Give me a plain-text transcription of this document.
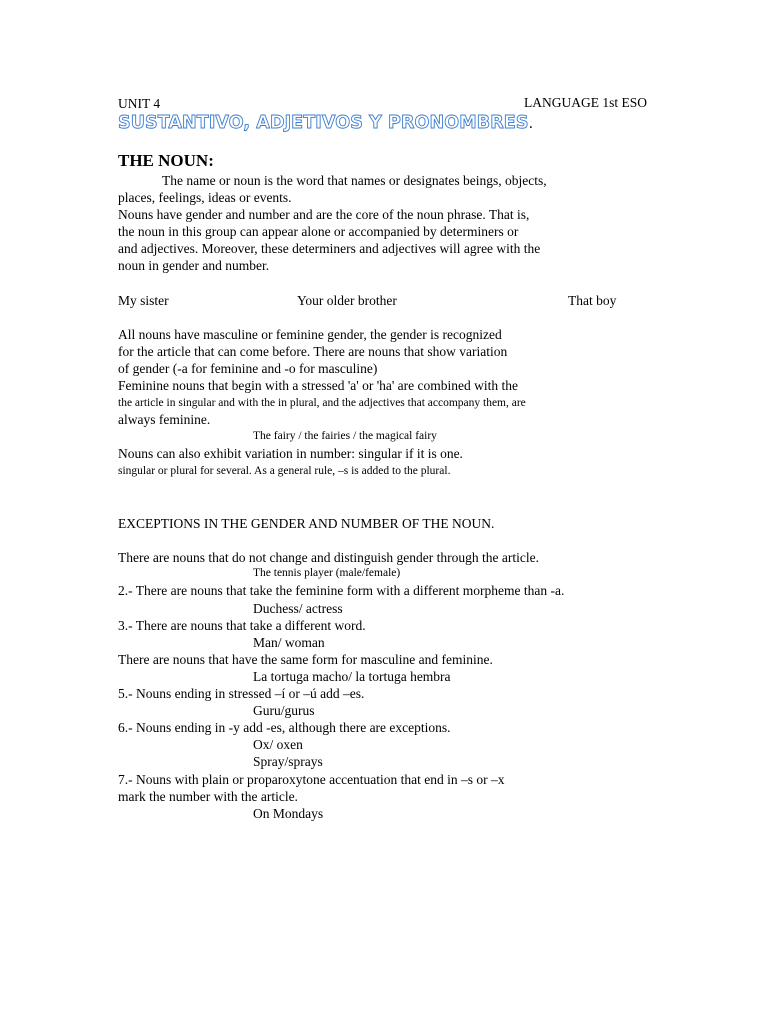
UNIT 4	LANGUAGE 1st ESO
SUSTANTIVO, ADJETIVOS Y PRONOMBRES.
THE NOUN:
The name or noun is the word that names or designates beings, objects,
places, feelings, ideas or events.
Nouns have gender and number and are the core of the noun phrase. That is,
the noun in this group can appear alone or accompanied by determiners or
and adjectives. Moreover, these determiners and adjectives will agree with the
noun in gender and number.
My sister	Your older brother	That boy
All nouns have masculine or feminine gender, the gender is recognized
for the article that can come before. There are nouns that show variation
of gender (-a for feminine and -o for masculine)
Feminine nouns that begin with a stressed 'a' or 'ha' are combined with the
the article in singular and with the in plural, and the adjectives that accompany them, are
always feminine.
The fairy / the fairies / the magical fairy
Nouns can also exhibit variation in number: singular if it is one.
singular or plural for several. As a general rule, –s is added to the plural.
EXCEPTIONS IN THE GENDER AND NUMBER OF THE NOUN.
There are nouns that do not change and distinguish gender through the article.
The tennis player (male/female)
2.- There are nouns that take the feminine form with a different morpheme than -a.
Duchess/ actress
3.- There are nouns that take a different word.
Man/ woman
There are nouns that have the same form for masculine and feminine.
La tortuga macho/ la tortuga hembra
5.- Nouns ending in stressed –í or –ú add –es.
Guru/gurus
6.- Nouns ending in -y add -es, although there are exceptions.
Ox/ oxen
Spray/sprays
7.- Nouns with plain or proparoxytone accentuation that end in –s or –x
mark the number with the article.
On Mondays
